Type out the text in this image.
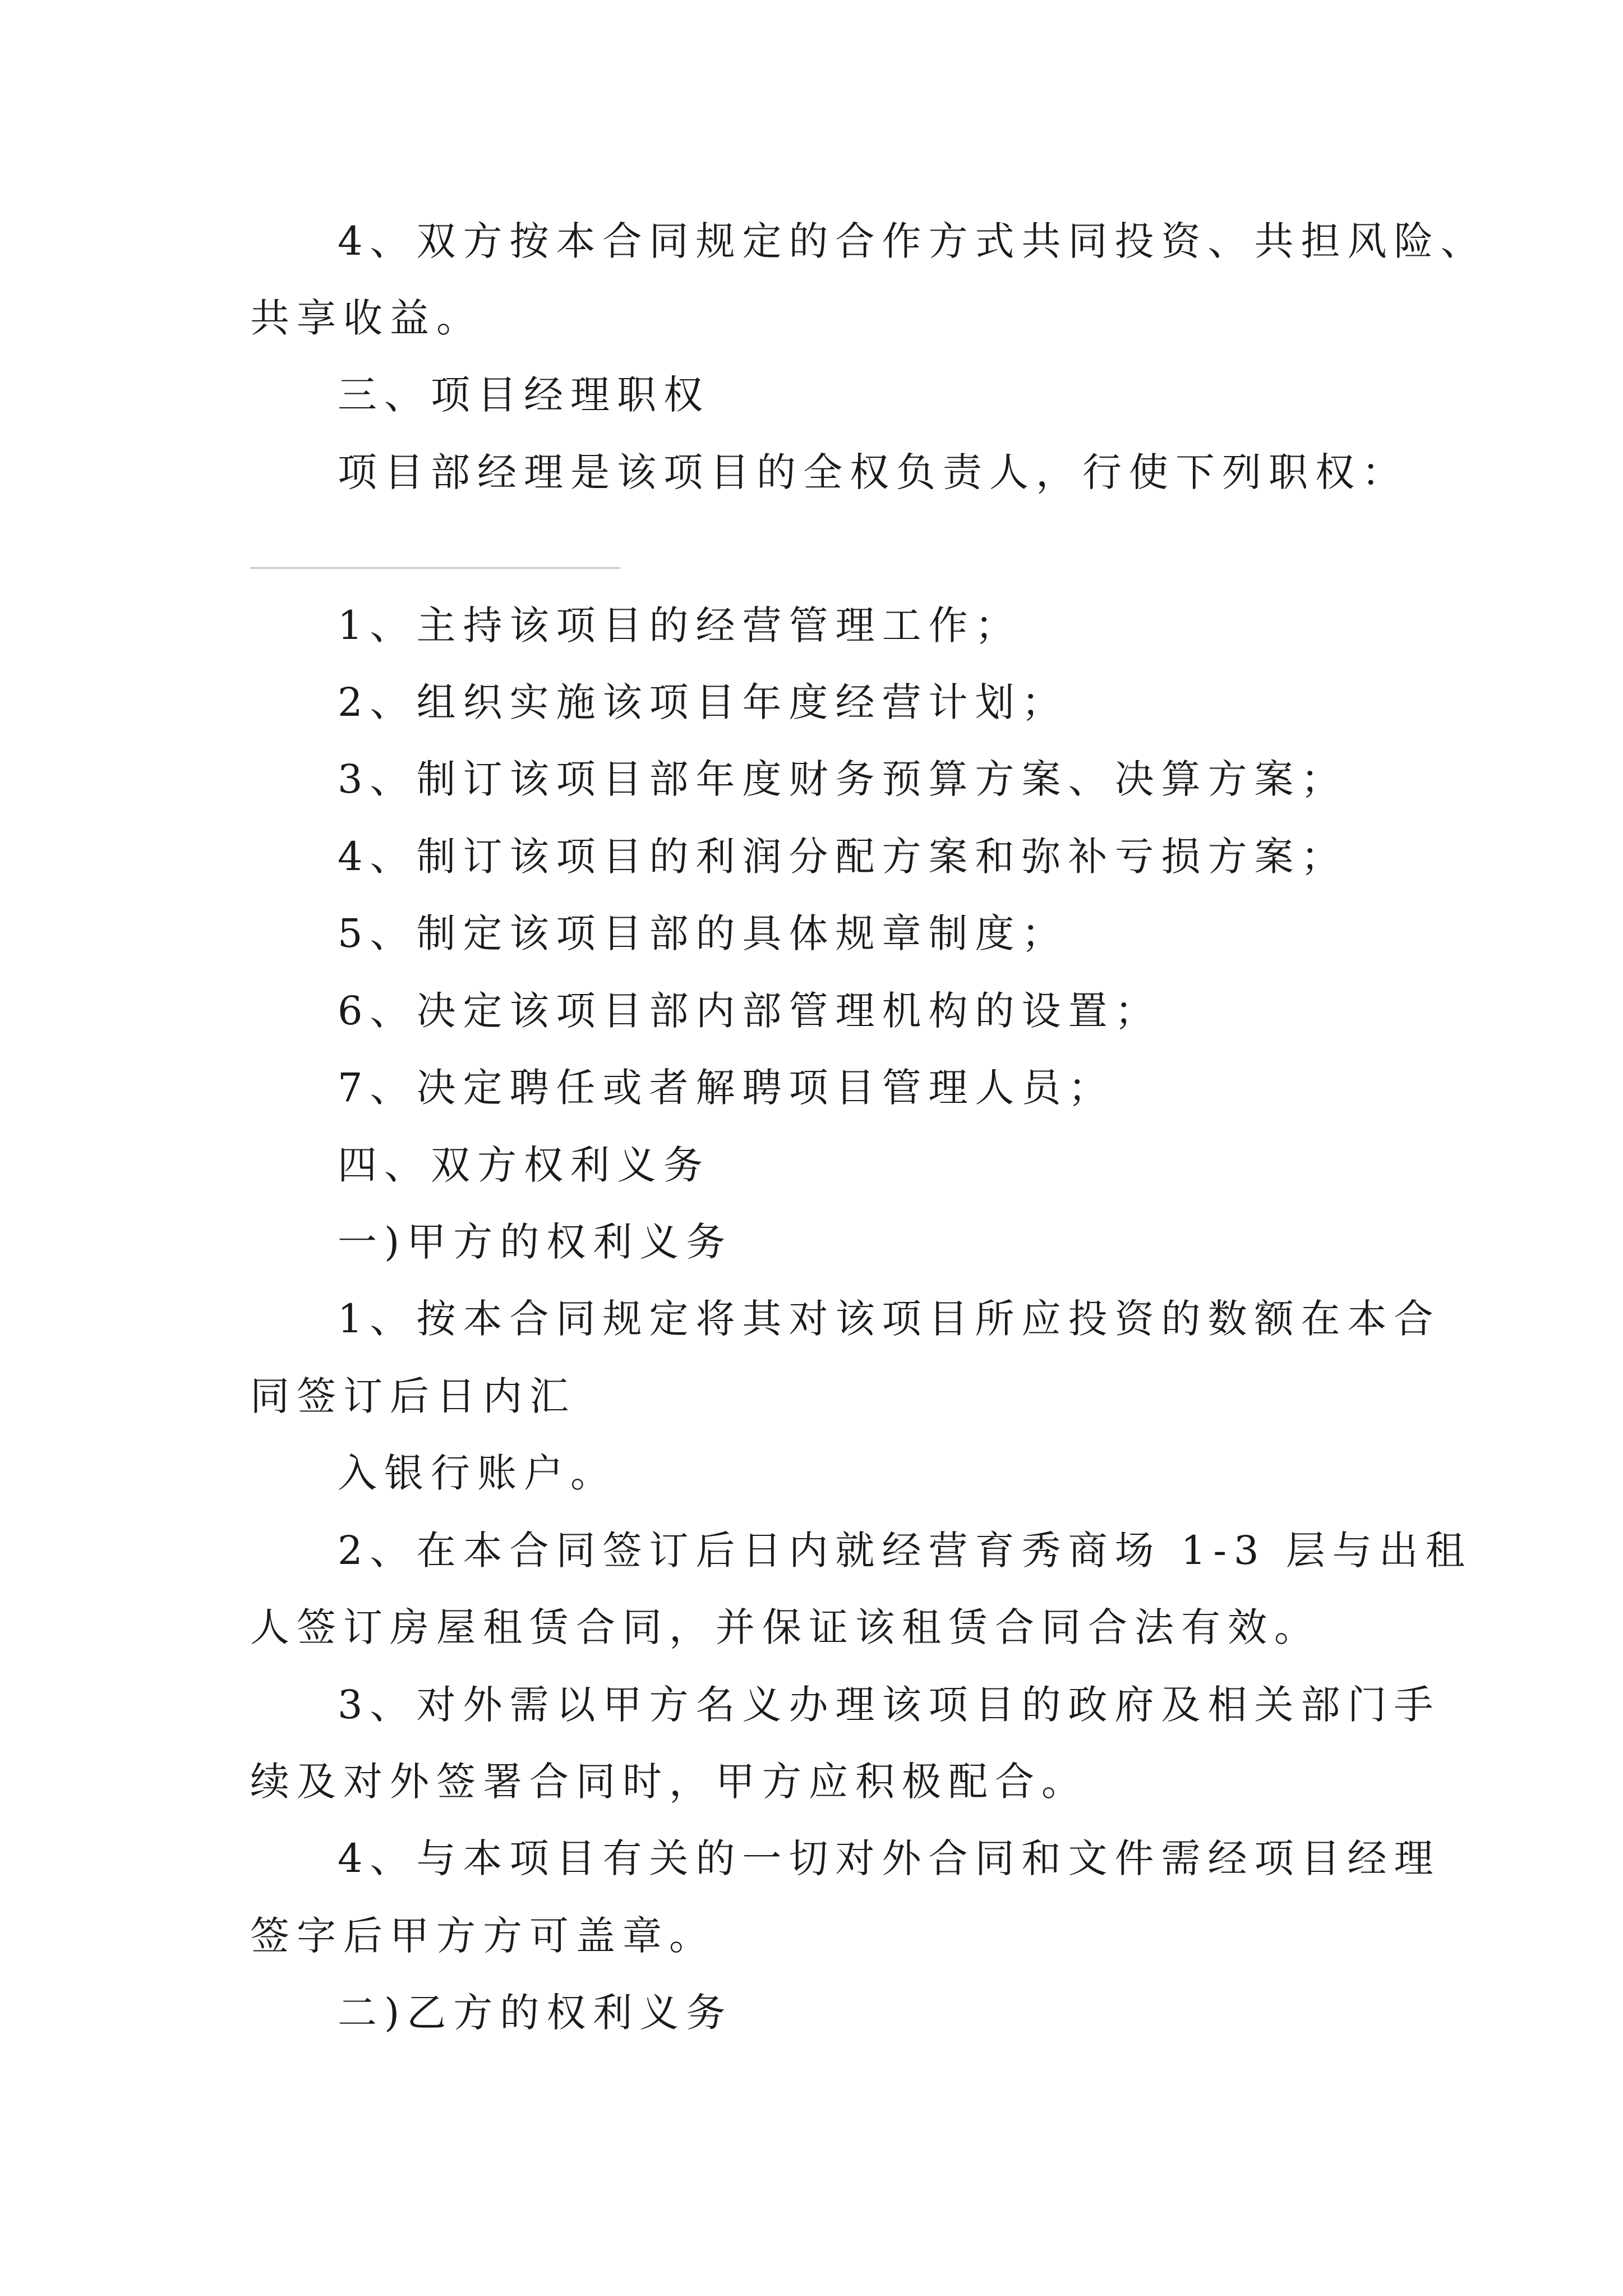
4、双方按本合同规定的合作方式共同投资、共担风险、
共享收益。
三、项目经理职权
项目部经理是该项目的全权负责人，行使下列职权：
1、主持该项目的经营管理工作；
2、组织实施该项目年度经营计划；
3、制订该项目部年度财务预算方案、决算方案；
4、制订该项目的利润分配方案和弥补亏损方案；
5、制定该项目部的具体规章制度；
6、决定该项目部内部管理机构的设置；
7、决定聘任或者解聘项目管理人员；
四、双方权利义务
一)甲方的权利义务
1、按本合同规定将其对该项目所应投资的数额在本合
同签订后日内汇
入银行账户。
2、在本合同签订后日内就经营育秀商场 1-3 层与出租
人签订房屋租赁合同，并保证该租赁合同合法有效。
3、对外需以甲方名义办理该项目的政府及相关部门手
续及对外签署合同时，甲方应积极配合。
4、与本项目有关的一切对外合同和文件需经项目经理
签字后甲方方可盖章。
二)乙方的权利义务
